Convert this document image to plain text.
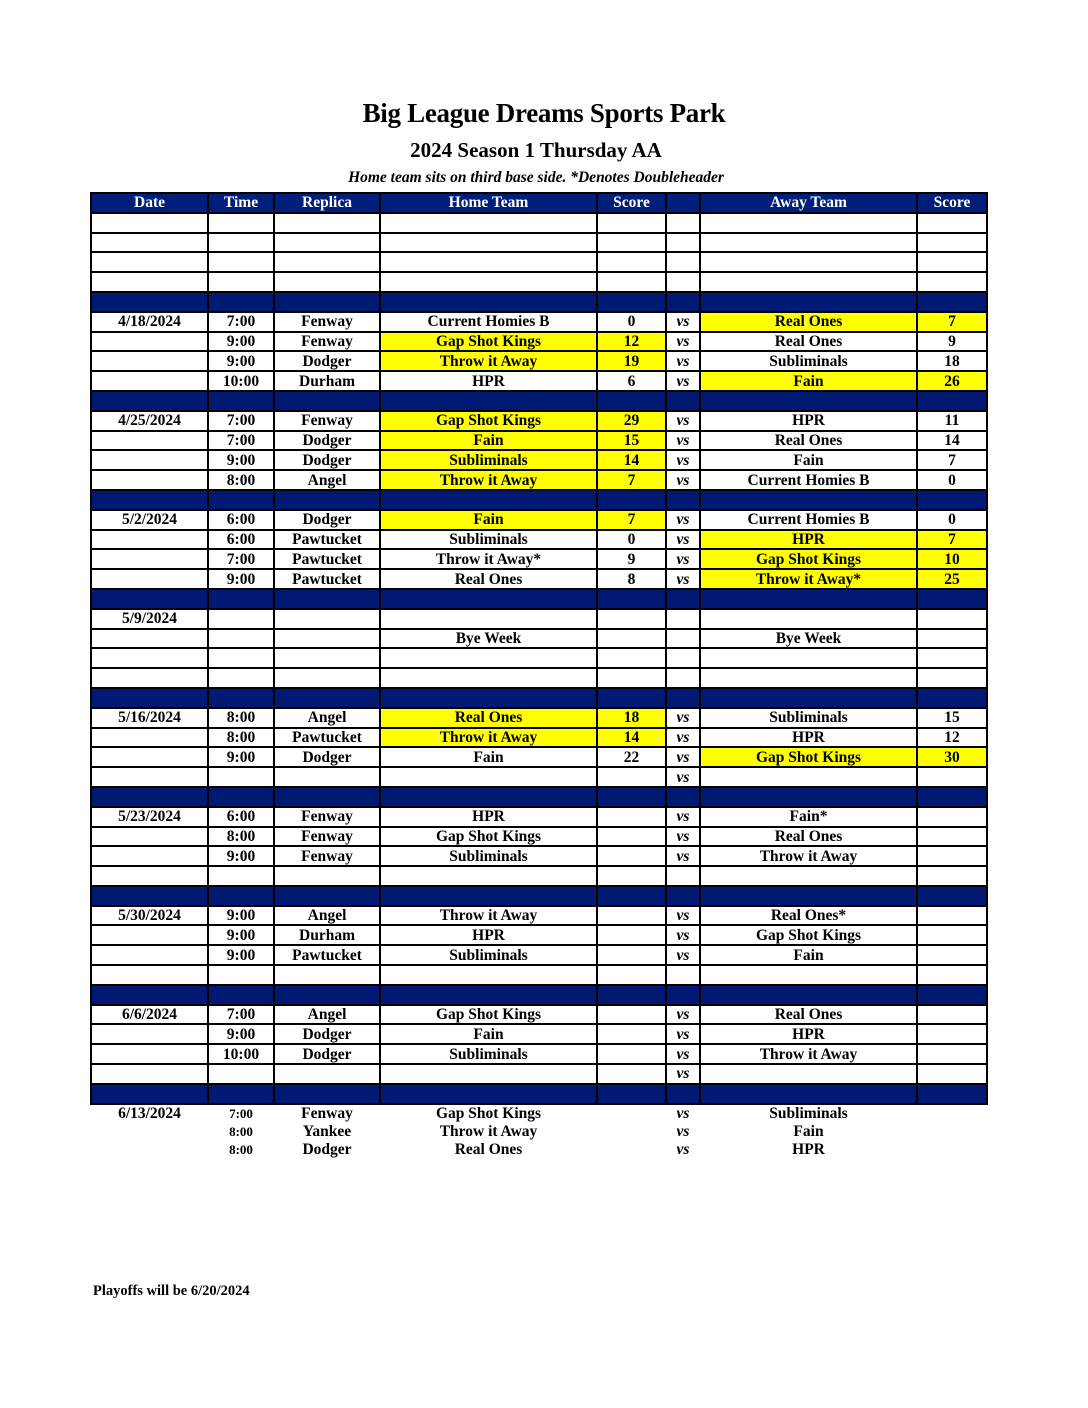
Big League Dreams Sports Park
2024 Season 1 Thursday AA
Home team sits on third base side. *Denotes Doubleheader
Date	Time	Replica	Home Team	Score		Away Team	Score

4/18/2024	7:00	Fenway	Current Homies B	0	vs	Real Ones	7
	9:00	Fenway	Gap Shot Kings	12	vs	Real Ones	9
	9:00	Dodger	Throw it Away	19	vs	Subliminals	18
	10:00	Durham	HPR	6	vs	Fain	26

4/25/2024	7:00	Fenway	Gap Shot Kings	29	vs	HPR	11
	7:00	Dodger	Fain	15	vs	Real Ones	14
	9:00	Dodger	Subliminals	14	vs	Fain	7
	8:00	Angel	Throw it Away	7	vs	Current Homies B	0

5/2/2024	6:00	Dodger	Fain	7	vs	Current Homies B	0
	6:00	Pawtucket	Subliminals	0	vs	HPR	7
	7:00	Pawtucket	Throw it Away*	9	vs	Gap Shot Kings	10
	9:00	Pawtucket	Real Ones	8	vs	Throw it Away*	25

5/9/2024							
			Bye Week			Bye Week	

5/16/2024	8:00	Angel	Real Ones	18	vs	Subliminals	15
	8:00	Pawtucket	Throw it Away	14	vs	HPR	12
	9:00	Dodger	Fain	22	vs	Gap Shot Kings	30
					vs		

5/23/2024	6:00	Fenway	HPR		vs	Fain*	
	8:00	Fenway	Gap Shot Kings		vs	Real Ones	
	9:00	Fenway	Subliminals		vs	Throw it Away	

5/30/2024	9:00	Angel	Throw it Away		vs	Real Ones*	
	9:00	Durham	HPR		vs	Gap Shot Kings	
	9:00	Pawtucket	Subliminals		vs	Fain	

6/6/2024	7:00	Angel	Gap Shot Kings		vs	Real Ones	
	9:00	Dodger	Fain		vs	HPR	
	10:00	Dodger	Subliminals		vs	Throw it Away	
					vs		

6/13/2024	7:00	Fenway	Gap Shot Kings		vs	Subliminals	
	8:00	Yankee	Throw it Away		vs	Fain	
	8:00	Dodger	Real Ones		vs	HPR	
Playoffs will be 6/20/2024
